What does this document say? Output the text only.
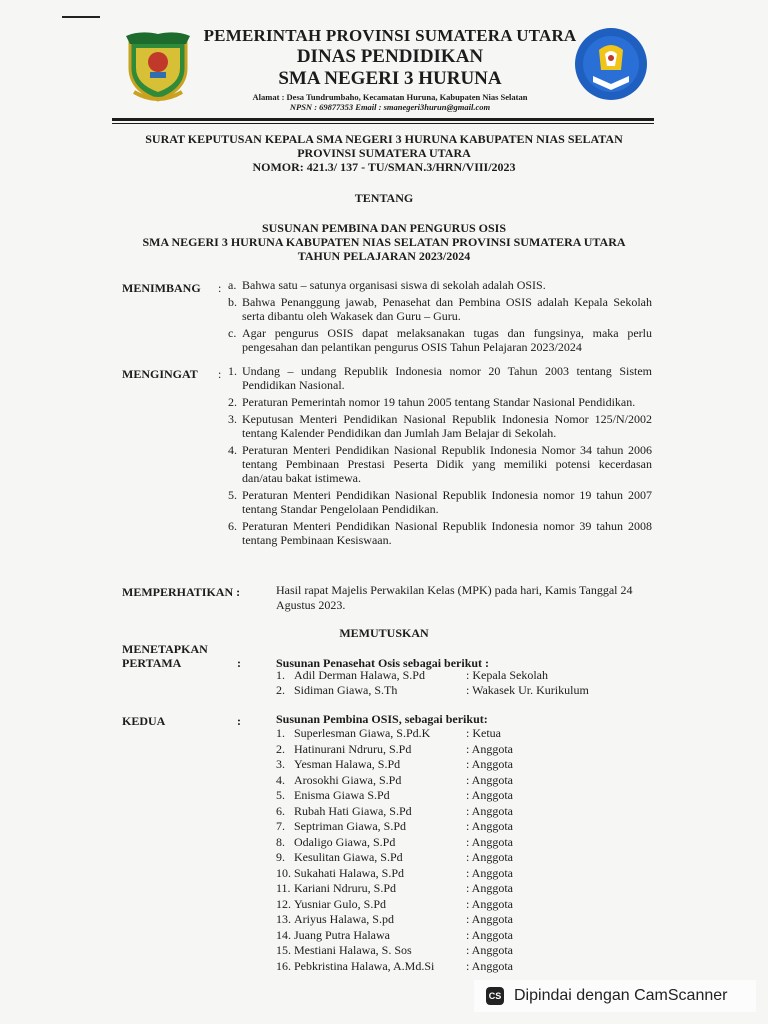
PEMERINTAH PROVINSI SUMATERA UTARA

DINAS PENDIDIKAN

SMA NEGERI 3 HURUNA

Alamat : Desa Tundrumbaho, Kecamatan Huruna, Kabupaten Nias Selatan
NPSN : 69877353 Email : smanegeri3hurun@gmail.com
SURAT KEPUTUSAN KEPALA SMA NEGERI 3 HURUNA KABUPATEN NIAS SELATAN
PROVINSI SUMATERA UTARA
NOMOR: 421.3/ 137 - TU/SMAN.3/HRN/VIII/2023
TENTANG
SUSUNAN PEMBINA DAN PENGURUS OSIS
SMA NEGERI 3 HURUNA KABUPATEN NIAS SELATAN PROVINSI SUMATERA UTARA
TAHUN PELAJARAN 2023/2024
MENIMBANG : a. Bahwa satu – satunya organisasi siswa di sekolah adalah OSIS.
b. Bahwa Penanggung jawab, Penasehat dan Pembina OSIS adalah Kepala Sekolah serta dibantu oleh Wakasek dan Guru – Guru.
c. Agar pengurus OSIS dapat melaksanakan tugas dan fungsinya, maka perlu pengesahan dan pelantikan pengurus OSIS Tahun Pelajaran 2023/2024
MENGINGAT : 1. Undang – undang Republik Indonesia nomor 20 Tahun 2003 tentang Sistem Pendidikan Nasional.
2. Peraturan Pemerintah nomor 19 tahun 2005 tentang Standar Nasional Pendidikan.
3. Keputusan Menteri Pendidikan Nasional Republik Indonesia Nomor 125/N/2002 tentang Kalender Pendidikan dan Jumlah Jam Belajar di Sekolah.
4. Peraturan Menteri Pendidikan Nasional Republik Indonesia Nomor 34 tahun 2006 tentang Pembinaan Prestasi Peserta Didik yang memiliki potensi kecerdasan dan/atau bakat istimewa.
5. Peraturan Menteri Pendidikan Nasional Republik Indonesia nomor 19 tahun 2007 tentang Standar Pengelolaan Pendidikan.
6. Peraturan Menteri Pendidikan Nasional Republik Indonesia nomor 39 tahun 2008 tentang Pembinaan Kesiswaan.
MEMPERHATIKAN :	Hasil rapat Majelis Perwakilan Kelas (MPK) pada hari, Kamis Tanggal 24 Agustus 2023.
MEMUTUSKAN
MENETAPKAN
PERTAMA	:	Susunan Penasehat Osis sebagai berikut :
1. Adil Derman Halawa, S.Pd	: Kepala Sekolah
2. Sidiman Giawa, S.Th	: Wakasek Ur. Kurikulum
KEDUA	:	Susunan Pembina OSIS, sebagai berikut:
1. Superlesman Giawa, S.Pd.K	: Ketua
2. Hatinurani Ndruru, S.Pd	: Anggota
3. Yesman Halawa, S.Pd	: Anggota
4. Arosokhi Giawa, S.Pd	: Anggota
5. Enisma Giawa S.Pd	: Anggota
6. Rubah Hati Giawa, S.Pd	: Anggota
7. Septriman Giawa, S.Pd	: Anggota
8. Odaligo Giawa, S.Pd	: Anggota
9. Kesulitan Giawa, S.Pd	: Anggota
10. Sukahati Halawa, S.Pd	: Anggota
11. Kariani Ndruru, S.Pd	: Anggota
12. Yusniar Gulo, S.Pd	: Anggota
13. Ariyus Halawa, S.pd	: Anggota
14. Juang Putra Halawa	: Anggota
15. Mestiani Halawa, S. Sos	: Anggota
16. Pebkristina Halawa, A.Md.Si	: Anggota
CS Dipindai dengan CamScanner
